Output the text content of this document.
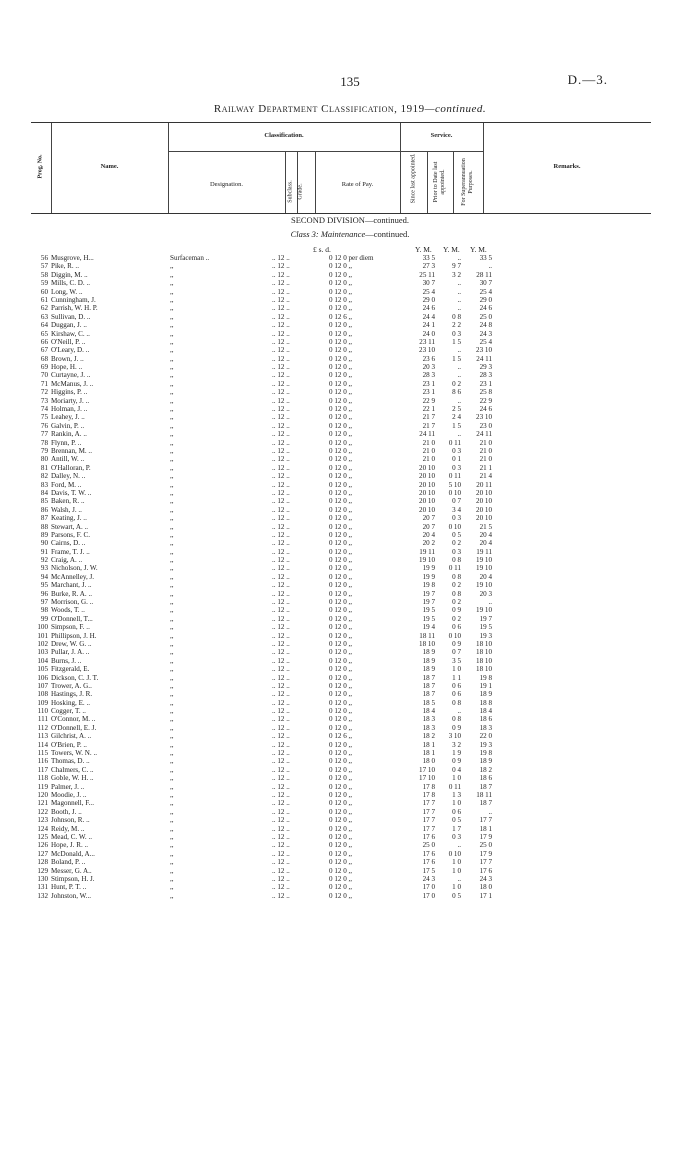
135	D.—3.
Railway Department Classification, 1919—continued.
Classification.	Service.
Name.
Designation.	Rate of Pay.
Remarks.
Prog. No.
Subclass. Grade.	Since last appointed.	Prior to Date last appointed.	For Superannuation Purposes.
SECOND DIVISION—continued.
Class 3: Maintenance—continued.
£ s. d.	Y. M. Y. M. Y. M.
56 Musgrove, H...	Surfaceman ..	.. 12 ..	0 12 0 per diem	33 5	..	33 5
57 Pike, R. ..	,,	.. 12 ..	0 12 0 ,,	27 3	9 7	..
58 Diggin, M. ..	,,	.. 12 ..	0 12 0 ,,	25 11	3 2	28 11
59 Mills, C. D. ..	,,	.. 12 ..	0 12 0 ,,	30 7	..	30 7
60 Long, W. ..	,,	.. 12 ..	0 12 0 ,,	25 4	..	25 4
61 Cunningham, J.	,,	.. 12 ..	0 12 0 ,,	29 0	..	29 0
62 Parrish, W. H. P.	,,	.. 12 ..	0 12 0 ,,	24 6	..	24 6
63 Sullivan, D. ..	,,	.. 12 ..	0 12 6 ,,	24 4	0 8	25 0
64 Duggan, J. ..	,,	.. 12 ..	0 12 0 ,,	24 1	2 2	24 8
65 Kirshaw, C. ..	,,	.. 12 ..	0 12 0 ,,	24 0	0 3	24 3
66 O'Neill, P. ..	,,	.. 12 ..	0 12 0 ,,	23 11	1 5	25 4
67 O'Leary, D. ..	,,	.. 12 ..	0 12 0 ,,	23 10	..	23 10
68 Brown, J. ..	,,	.. 12 ..	0 12 0 ,,	23 6	1 5	24 11
69 Hope, H. ..	,,	.. 12 ..	0 12 0 ,,	20 3	..	29 3
70 Curtayne, J. ..	,,	.. 12 ..	0 12 0 ,,	28 3	..	28 3
71 McManus, J. ..	,,	.. 12 ..	0 12 0 ,,	23 1	0 2	23 1
72 Higgins, P. ..	,,	.. 12 ..	0 12 0 ,,	23 1	8 6	25 8
73 Moriarty, J. ..	,,	.. 12 ..	0 12 0 ,,	22 9	..	22 9
74 Holman, J. ..	,,	.. 12 ..	0 12 0 ,,	22 1	2 5	24 6
75 Leahey, J. ..	,,	.. 12 ..	0 12 0 ,,	21 7	2 4	23 10
76 Galvin, P. ..	,,	.. 12 ..	0 12 0 ,,	21 7	1 5	23 0
77 Rankin, A. ..	,,	.. 12 ..	0 12 0 ,,	24 11	..	24 11
78 Flynn, P. ..	,,	.. 12 ..	0 12 0 ,,	21 0	0 11	21 0
79 Brennan, M. ..	,,	.. 12 ..	0 12 0 ,,	21 0	0 3	21 0
80 Antill, W. ..	,,	.. 12 ..	0 12 0 ,,	21 0	0 1	21 0
81 O'Halloran, P.	,,	.. 12 ..	0 12 0 ,,	20 10	0 3	21 1
82 Dalley, N. ..	,,	.. 12 ..	0 12 0 ,,	20 10	0 11	21 4
83 Ford, M. ..	,,	.. 12 ..	0 12 0 ,,	20 10	5 10	20 11
84 Davis, T. W. ..	,,	.. 12 ..	0 12 0 ,,	20 10	0 10	20 10
85 Baken, R. ..	,,	.. 12 ..	0 12 0 ,,	20 10	0 7	20 10
86 Walsh, J. ..	,,	.. 12 ..	0 12 0 ,,	20 10	3 4	20 10
87 Keating, J. ..	,,	.. 12 ..	0 12 0 ,,	20 7	0 3	20 10
88 Stewart, A. ..	,,	.. 12 ..	0 12 0 ,,	20 7	0 10	21 5
89 Parsons, F. C.	,,	.. 12 ..	0 12 0 ,,	20 4	0 5	20 4
90 Cairns, D. ..	,,	.. 12 ..	0 12 0 ,,	20 2	0 2	20 4
91 Frame, T. J. ..	,,	.. 12 ..	0 12 0 ,,	19 11	0 3	19 11
92 Craig, A. ..	,,	.. 12 ..	0 12 0 ,,	19 10	0 8	19 10
93 Nicholson, J. W.	,,	.. 12 ..	0 12 0 ,,	19 9	0 11	19 10
94 McAnnelley, J.	,,	.. 12 ..	0 12 0 ,,	19 9	0 8	20 4
95 Marchant, J. ..	,,	.. 12 ..	0 12 0 ,,	19 8	0 2	19 10
96 Burke, R. A. ..	,,	.. 12 ..	0 12 0 ,,	19 7	0 8	20 3
97 Morrison, G. ..	,,	.. 12 ..	0 12 0 ,,	19 7	0 2	..
98 Woods, T. ..	,,	.. 12 ..	0 12 0 ,,	19 5	0 9	19 10
99 O'Donnell, T...	,,	.. 12 ..	0 12 0 ,,	19 5	0 2	19 7
100 Simpson, F. ..	,,	.. 12 ..	0 12 0 ,,	19 4	0 6	19 5
101 Phillipson, J. H.	,,	.. 12 ..	0 12 0 ,,	18 11	0 10	19 3
102 Drew, W. G. ..	,,	.. 12 ..	0 12 0 ,,	18 10	0 9	18 10
103 Pullar, J. A. ..	,,	.. 12 ..	0 12 0 ,,	18 9	0 7	18 10
104 Burns, J. ..	,,	.. 12 ..	0 12 0 ,,	18 9	3 5	18 10
105 Fitzgerald, E.	,,	.. 12 ..	0 12 0 ,,	18 9	1 0	18 10
106 Dickson, C. J. T.	,,	.. 12 ..	0 12 0 ,,	18 7	1 1	19 8
107 Trower, A. G..	,,	.. 12 ..	0 12 0 ,,	18 7	0 6	19 1
108 Hastings, J. R.	,,	.. 12 ..	0 12 0 ,,	18 7	0 6	18 9
109 Hosking, E. ..	,,	.. 12 ..	0 12 0 ,,	18 5	0 8	18 8
110 Cogger, T. ..	,,	.. 12 ..	0 12 0 ,,	18 4	..	18 4
111 O'Connor, M. ..	,,	.. 12 ..	0 12 0 ,,	18 3	0 8	18 6
112 O'Donnell, E. J.	,,	.. 12 ..	0 12 0 ,,	18 3	0 9	18 3
113 Gilchrist, A. ..	,,	.. 12 ..	0 12 6 ,,	18 2	3 10	22 0
114 O'Brien, P. ..	,,	.. 12 ..	0 12 0 ,,	18 1	3 2	19 3
115 Towers, W. N. ..	,,	.. 12 ..	0 12 0 ,,	18 1	1 9	19 8
116 Thomas, D. ..	,,	.. 12 ..	0 12 0 ,,	18 0	0 9	18 9
117 Chalmers, C. ..	,,	.. 12 ..	0 12 0 ,,	17 10	0 4	18 2
118 Goble, W. H. ..	,,	.. 12 ..	0 12 0 ,,	17 10	1 0	18 6
119 Palmer, J. ..	,,	.. 12 ..	0 12 0 ,,	17 8	0 11	18 7
120 Moodie, J. ..	,,	.. 12 ..	0 12 0 ,,	17 8	1 3	18 11
121 Magonnell, F...	,,	.. 12 ..	0 12 0 ,,	17 7	1 0	18 7
122 Booth, J. ..	,,	.. 12 ..	0 12 0 ,,	17 7	0 6	..
123 Johnson, R. ..	,,	.. 12 ..	0 12 0 ,,	17 7	0 5	17 7
124 Reidy, M. ..	,,	.. 12 ..	0 12 0 ,,	17 7	1 7	18 1
125 Mead, C. W. ..	,,	.. 12 ..	0 12 0 ,,	17 6	0 3	17 9
126 Hope, J. R. ..	,,	.. 12 ..	0 12 0 ,,	25 0	..	25 0
127 McDonald, A...	,,	.. 12 ..	0 12 0 ,,	17 6	0 10	17 9
128 Boland, P. ..	,,	.. 12 ..	0 12 0 ,,	17 6	1 0	17 7
129 Messer, G. A..	,,	.. 12 ..	0 12 0 ,,	17 5	1 0	17 6
130 Stimpson, H. J.	,,	.. 12 ..	0 12 0 ,,	24 3	..	24 3
131 Hunt, P. T. ..	,,	.. 12 ..	0 12 0 ,,	17 0	1 0	18 0
132 Johnston, W...	,,	.. 12 ..	0 12 0 ,,	17 0	0 5	17 1
